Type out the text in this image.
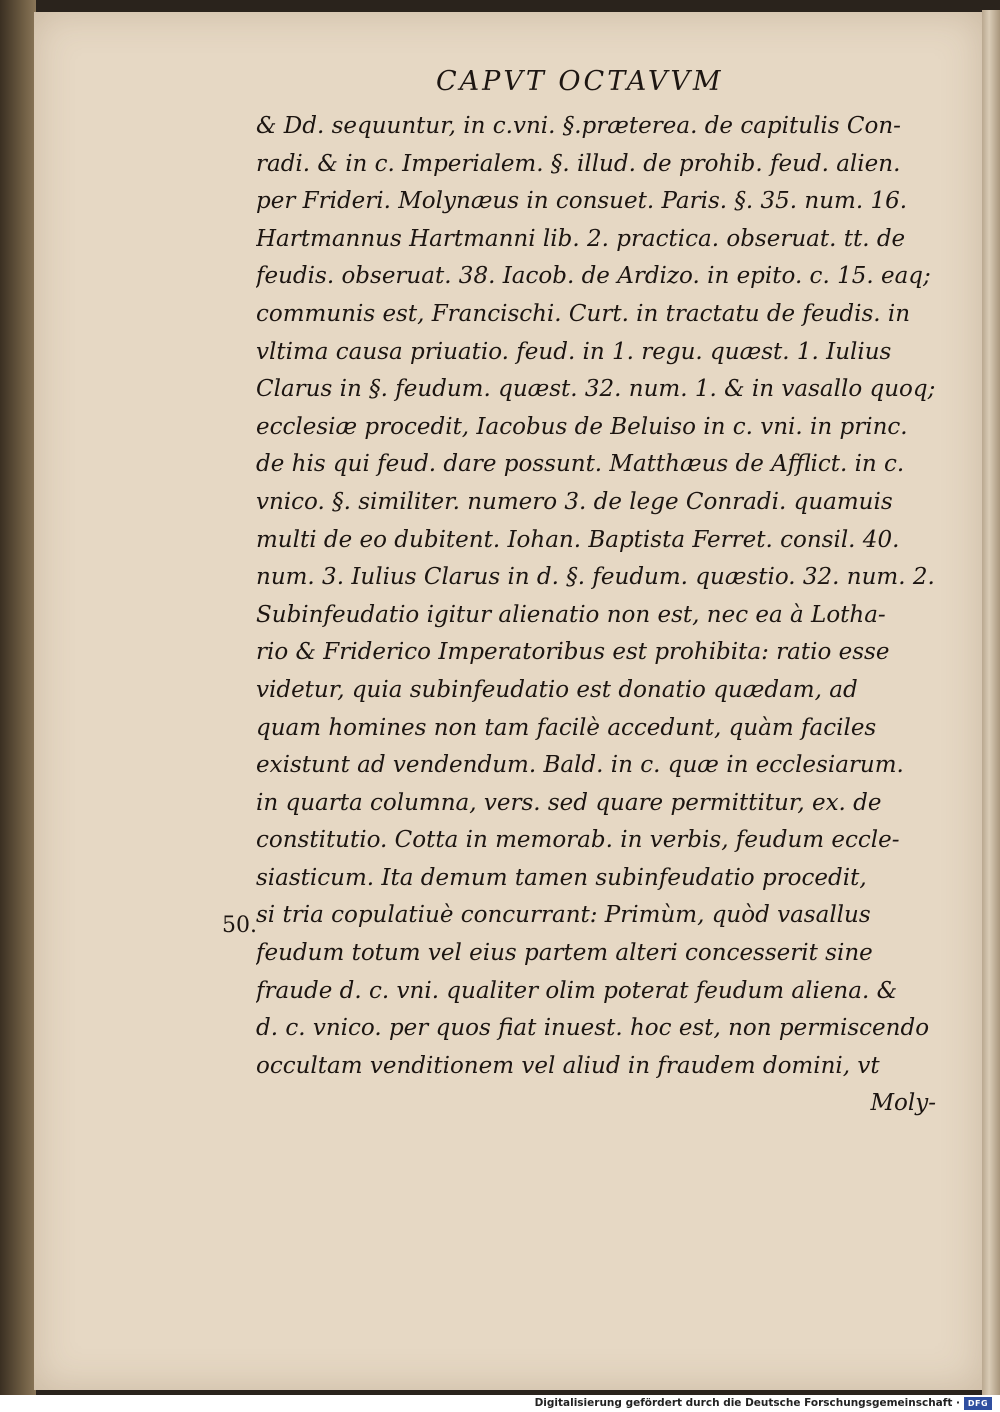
CAPVT OCTAVVM
50.
& Dd. sequuntur, in c.vni. §.præterea. de capitulis Con-
radi. & in c. Imperialem. §. illud. de prohib. feud. alien.
per Frideri. Molynæus in consuet. Paris. §. 35. num. 16.
Hartmannus Hartmanni lib. 2. practica. obseruat. tt. de
feudis. obseruat. 38. Iacob. de Ardizo. in epito. c. 15. eaq;
communis est, Francischi. Curt. in tractatu de feudis. in
vltima causa priuatio. feud. in 1. regu. quæst. 1. Iulius
Clarus in §. feudum. quæst. 32. num. 1. & in vasallo quoq;
ecclesiæ procedit, Iacobus de Beluiso in c. vni. in princ.
de his qui feud. dare possunt. Matthæus de Afflict. in c.
vnico. §. similiter. numero 3. de lege Conradi. quamuis
multi de eo dubitent. Iohan. Baptista Ferret. consil. 40.
num. 3. Iulius Clarus in d. §. feudum. quæstio. 32. num. 2.
Subinfeudatio igitur alienatio non est, nec ea à Lotha-
rio & Friderico Imperatoribus est prohibita: ratio esse
videtur, quia subinfeudatio est donatio quædam, ad
quam homines non tam facilè accedunt, quàm faciles
existunt ad vendendum. Bald. in c. quæ in ecclesiarum.
in quarta columna, vers. sed quare permittitur, ex. de
constitutio. Cotta in memorab. in verbis, feudum eccle-
siasticum. Ita demum tamen subinfeudatio procedit,
si tria copulatiuè concurrant: Primùm, quòd vasallus
feudum totum vel eius partem alteri concesserit sine
fraude d. c. vni. qualiter olim poterat feudum aliena. &
d. c. vnico. per quos fiat inuest. hoc est, non permiscendo
occultam venditionem vel aliud in fraudem domini, vt
Moly-
Digitalisierung gefördert durch die Deutsche Forschungsgemeinschaft · DFG
